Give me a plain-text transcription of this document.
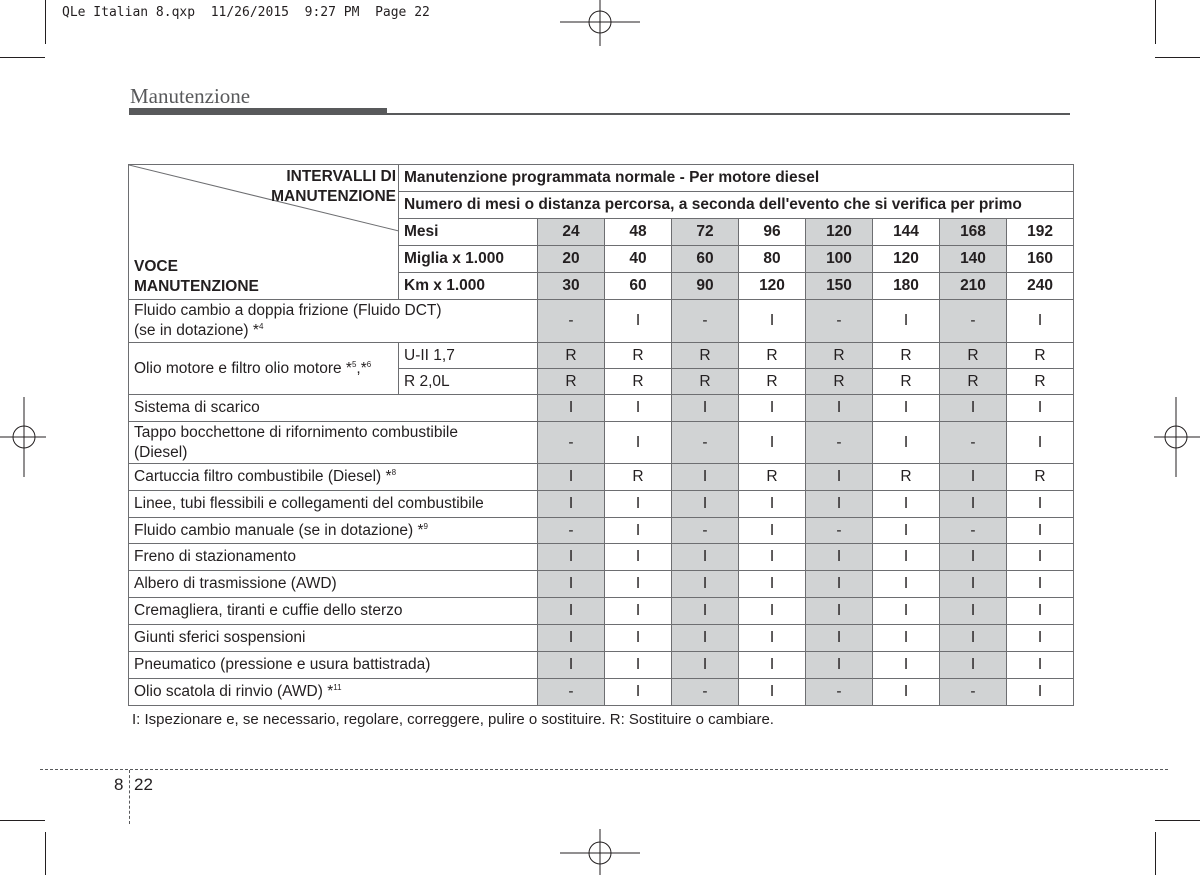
QLe Italian 8.qxp  11/26/2015  9:27 PM  Page 22
Manutenzione
INTERVALLI DI
MANUTENZIONE
VOCE
MANUTENZIONE	Manutenzione programmata normale - Per motore diesel								
	Numero di mesi o distanza percorsa, a seconda dell'evento che si verifica per primo								
	Mesi	24	48	72	96	120	144	168	192
	Miglia x 1.000	20	40	60	80	100	120	140	160
	Km x 1.000	30	60	90	120	150	180	210	240

Fluido cambio a doppia frizione (Fluido DCT)
(se in dotazione) *$^4$		-	I	-	I	-	I	-	I
Olio motore e filtro olio motore *$^5$,*$^6$	U-II 1,7	R	R	R	R	R	R	R	R
	R 2,0L	R	R	R	R	R	R	R	R
Sistema di scarico		I	I	I	I	I	I	I	I

Tappo bocchettone di rifornimento combustibile
(Diesel)		-	I	-	I	-	I	-	I
Cartuccia filtro combustibile (Diesel) *$^8$		I	R	I	R	I	R	I	R
Linee, tubi flessibili e collegamenti del combustibile		I	I	I	I	I	I	I	I
Fluido cambio manuale (se in dotazione) *$^9$		-	I	-	I	-	I	-	I
Freno di stazionamento		I	I	I	I	I	I	I	I
Albero di trasmissione (AWD)		I	I	I	I	I	I	I	I
Cremagliera, tiranti e cuffie dello sterzo		I	I	I	I	I	I	I	I
Giunti sferici sospensioni		I	I	I	I	I	I	I	I
Pneumatico (pressione e usura battistrada)		I	I	I	I	I	I	I	I
Olio scatola di rinvio (AWD) *$^{11}$		-	I	-	I	-	I	-	I
I: Ispezionare e, se necessario, regolare, correggere, pulire o sostituire. R: Sostituire o cambiare.
8 22
